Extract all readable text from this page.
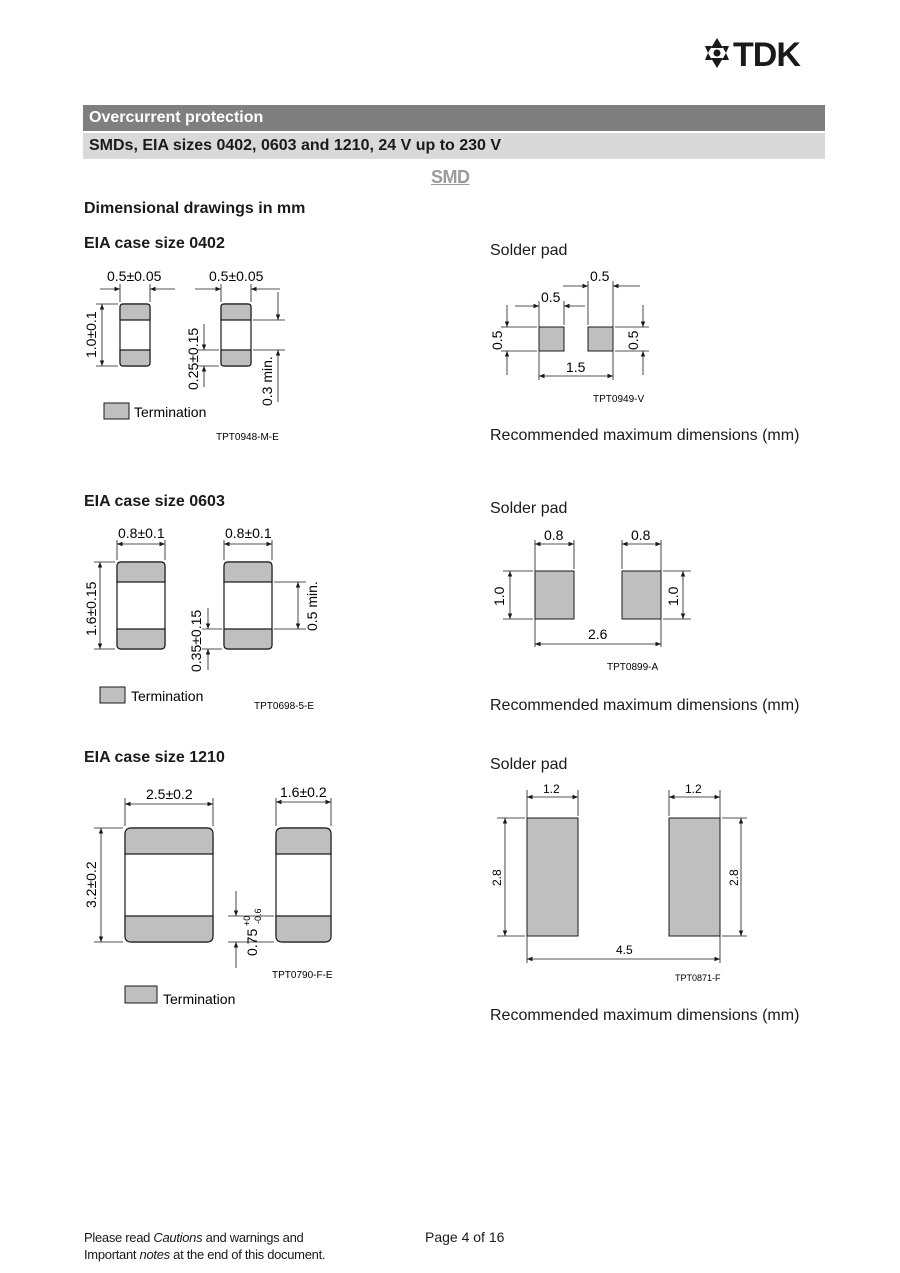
TDK
Overcurrent protection
SMDs, EIA sizes 0402, 0603 and 1210, 24 V up to 230 V
SMD
Dimensional drawings in mm
EIA case size 0402
0.5±0.05	0.5±0.05
1.0±0.1	0.25±0.15	0.3 min.
Termination
TPT0948-M-E
Solder pad
0.5
0.5
0.5	0.5
1.5
TPT0949-V
Recommended maximum dimensions (mm)
EIA case size 0603
0.8±0.1	0.8±0.1
1.6±0.15
0.35±0.15
0.5 min.
Termination
TPT0698-5-E
Solder pad
0.8	0.8
1.0	1.0
2.6
TPT0899-A
Recommended maximum dimensions (mm)
EIA case size 1210
2.5±0.2	1.6±0.2
3.2±0.2
0.75
+0 -0.6
Termination
TPT0790-F-E
Solder pad
1.2	1.2
2.8	2.8
4.5
TPT0871-F
Recommended maximum dimensions (mm)
Please read Cautions and warnings and
Important notes at the end of this document.
Page 4 of 16
